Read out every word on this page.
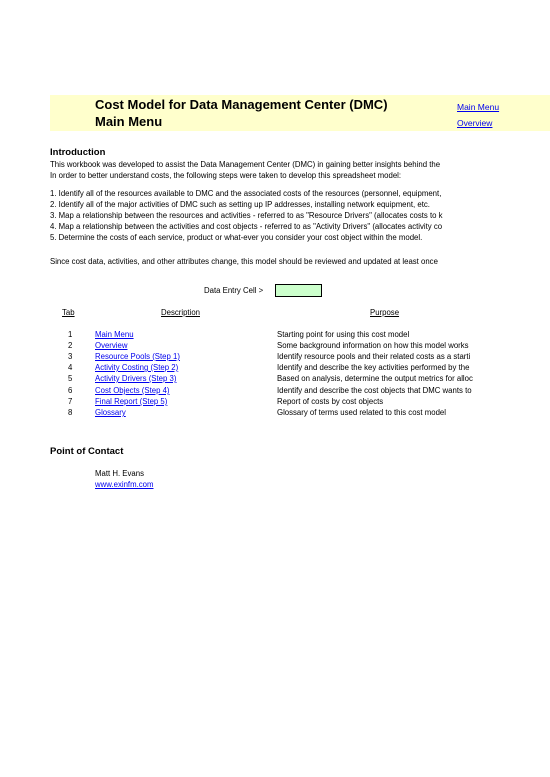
Cost Model for Data Management Center (DMC)
Main Menu
Main Menu
Overview
Introduction
This workbook was developed to assist the Data Management Center (DMC) in gaining better insights behind the
In order to better understand costs, the following steps were taken to develop this spreadsheet model:
1. Identify all of the resources available to DMC and the associated costs of the resources (personnel, equipment,
2. Identify all of the major activities of DMC such as setting up IP addresses, installing network equipment, etc.
3. Map a relationship between the resources and activities - referred to as "Resource Drivers" (allocates costs to k
4. Map a relationship between the activities and cost objects - referred to as "Activity Drivers" (allocates activity co
5. Determine the costs of each service, product or what-ever you consider your cost object within the model.
Since cost data, activities, and other attributes change, this model should be reviewed and updated at least once
Data Entry Cell >
Tab	Description	Purpose
1	Main Menu	Starting point for using this cost model
2	Overview	Some background information on how this model works
3	Resource Pools (Step 1)	Identify resource pools and their related costs as a starti
4	Activity Costing (Step 2)	Identify and describe the key activities performed by the
5	Activity Drivers (Step 3)	Based on analysis, determine the output metrics for alloc
6	Cost Objects (Step 4)	Identify and describe the cost objects that DMC wants to
7	Final Report (Step 5)	Report of costs by cost objects
8	Glossary	Glossary of terms used related to this cost model
Point of Contact
Matt H. Evans
www.exinfm.com
